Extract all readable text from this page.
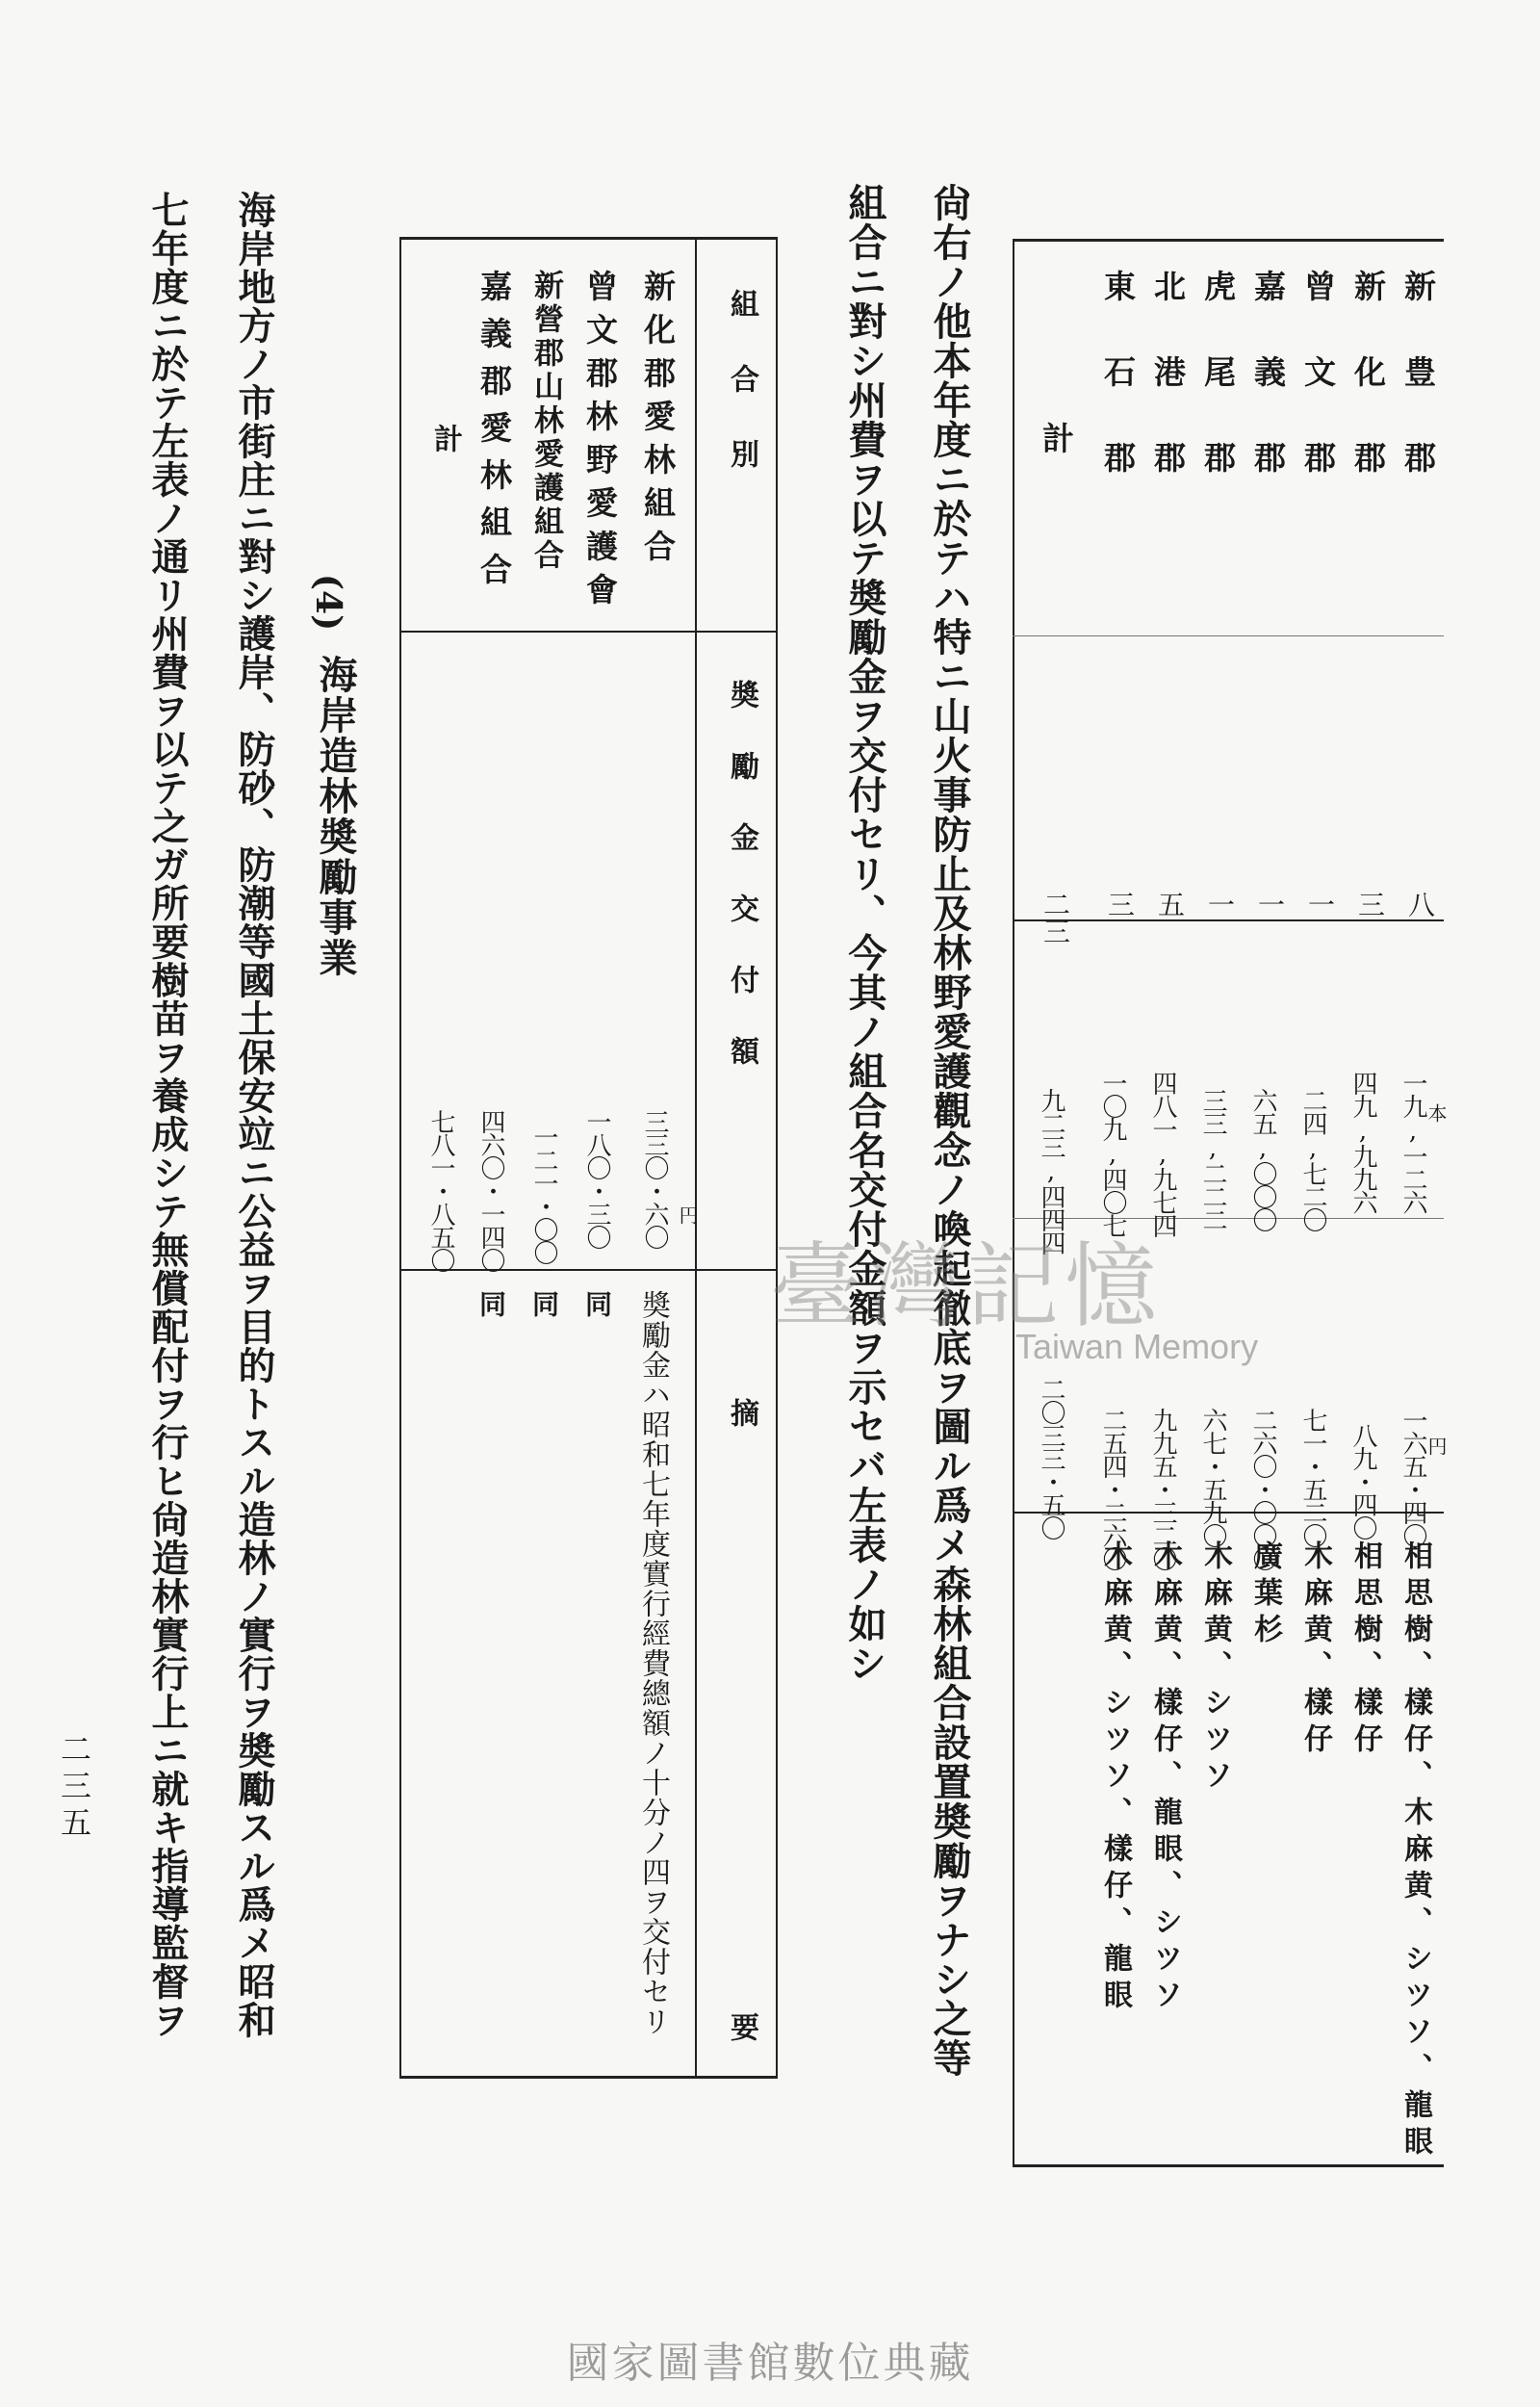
本
円
新豊郡
八
一九,一二六
一六五・四〇
相思樹、樣仔、木麻黄、シツソ、龍眼
新化郡
三
四九,九九六
八九・四〇
相思樹、樣仔
曾文郡
一
二四,七二〇
七一・五二〇
木麻黄、樣仔
嘉義郡
一
六五,〇〇〇
二六〇・〇〇〇
廣葉杉
虎尾郡
一
三三,二二二
六七・五九〇
木麻黄、シツソ
北港郡
五
四八一,九七四
九九五・三二〇
木麻黄、樣仔、龍眼、シツソ
東石郡
三
一〇九,四〇七
二五四・二六〇
木麻黄、シツソ、樣仔、龍眼
計
二三
九二三,四四四
二〇三三・五〇
尙右ノ他本年度ニ於テハ特ニ山火事防止及林野愛護觀念ノ喚起徹底ヲ圖ル爲メ森林組合設置奬勵ヲナシ之等
組合ニ對シ州費ヲ以テ奬勵金ヲ交付セリ、今其ノ組合名交付金額ヲ示セバ左表ノ如シ
組合別
奬勵金交付額
摘
要
円
新化郡愛林組合
三三〇・六〇
奬勵金ハ昭和七年度實行經費總額ノ十分ノ四ヲ交付セリ
曾文郡林野愛護會
一八〇・三〇
同
新營郡山林愛護組合
一二一・〇〇
同
嘉義郡愛林組合
四六〇・一四〇
同
計
七八一・八五〇
(4)
海岸造林奬勵事業
海岸地方ノ市街庄ニ對シ護岸、防砂、防潮等國土保安竝ニ公益ヲ目的トスル造林ノ實行ヲ奬勵スル爲メ昭和
七年度ニ於テ左表ノ通リ州費ヲ以テ之ガ所要樹苗ヲ養成シテ無償配付ヲ行ヒ尙造林實行上ニ就キ指導監督ヲ
二三五
臺灣記憶
Taiwan Memory
國家圖書館數位典藏
